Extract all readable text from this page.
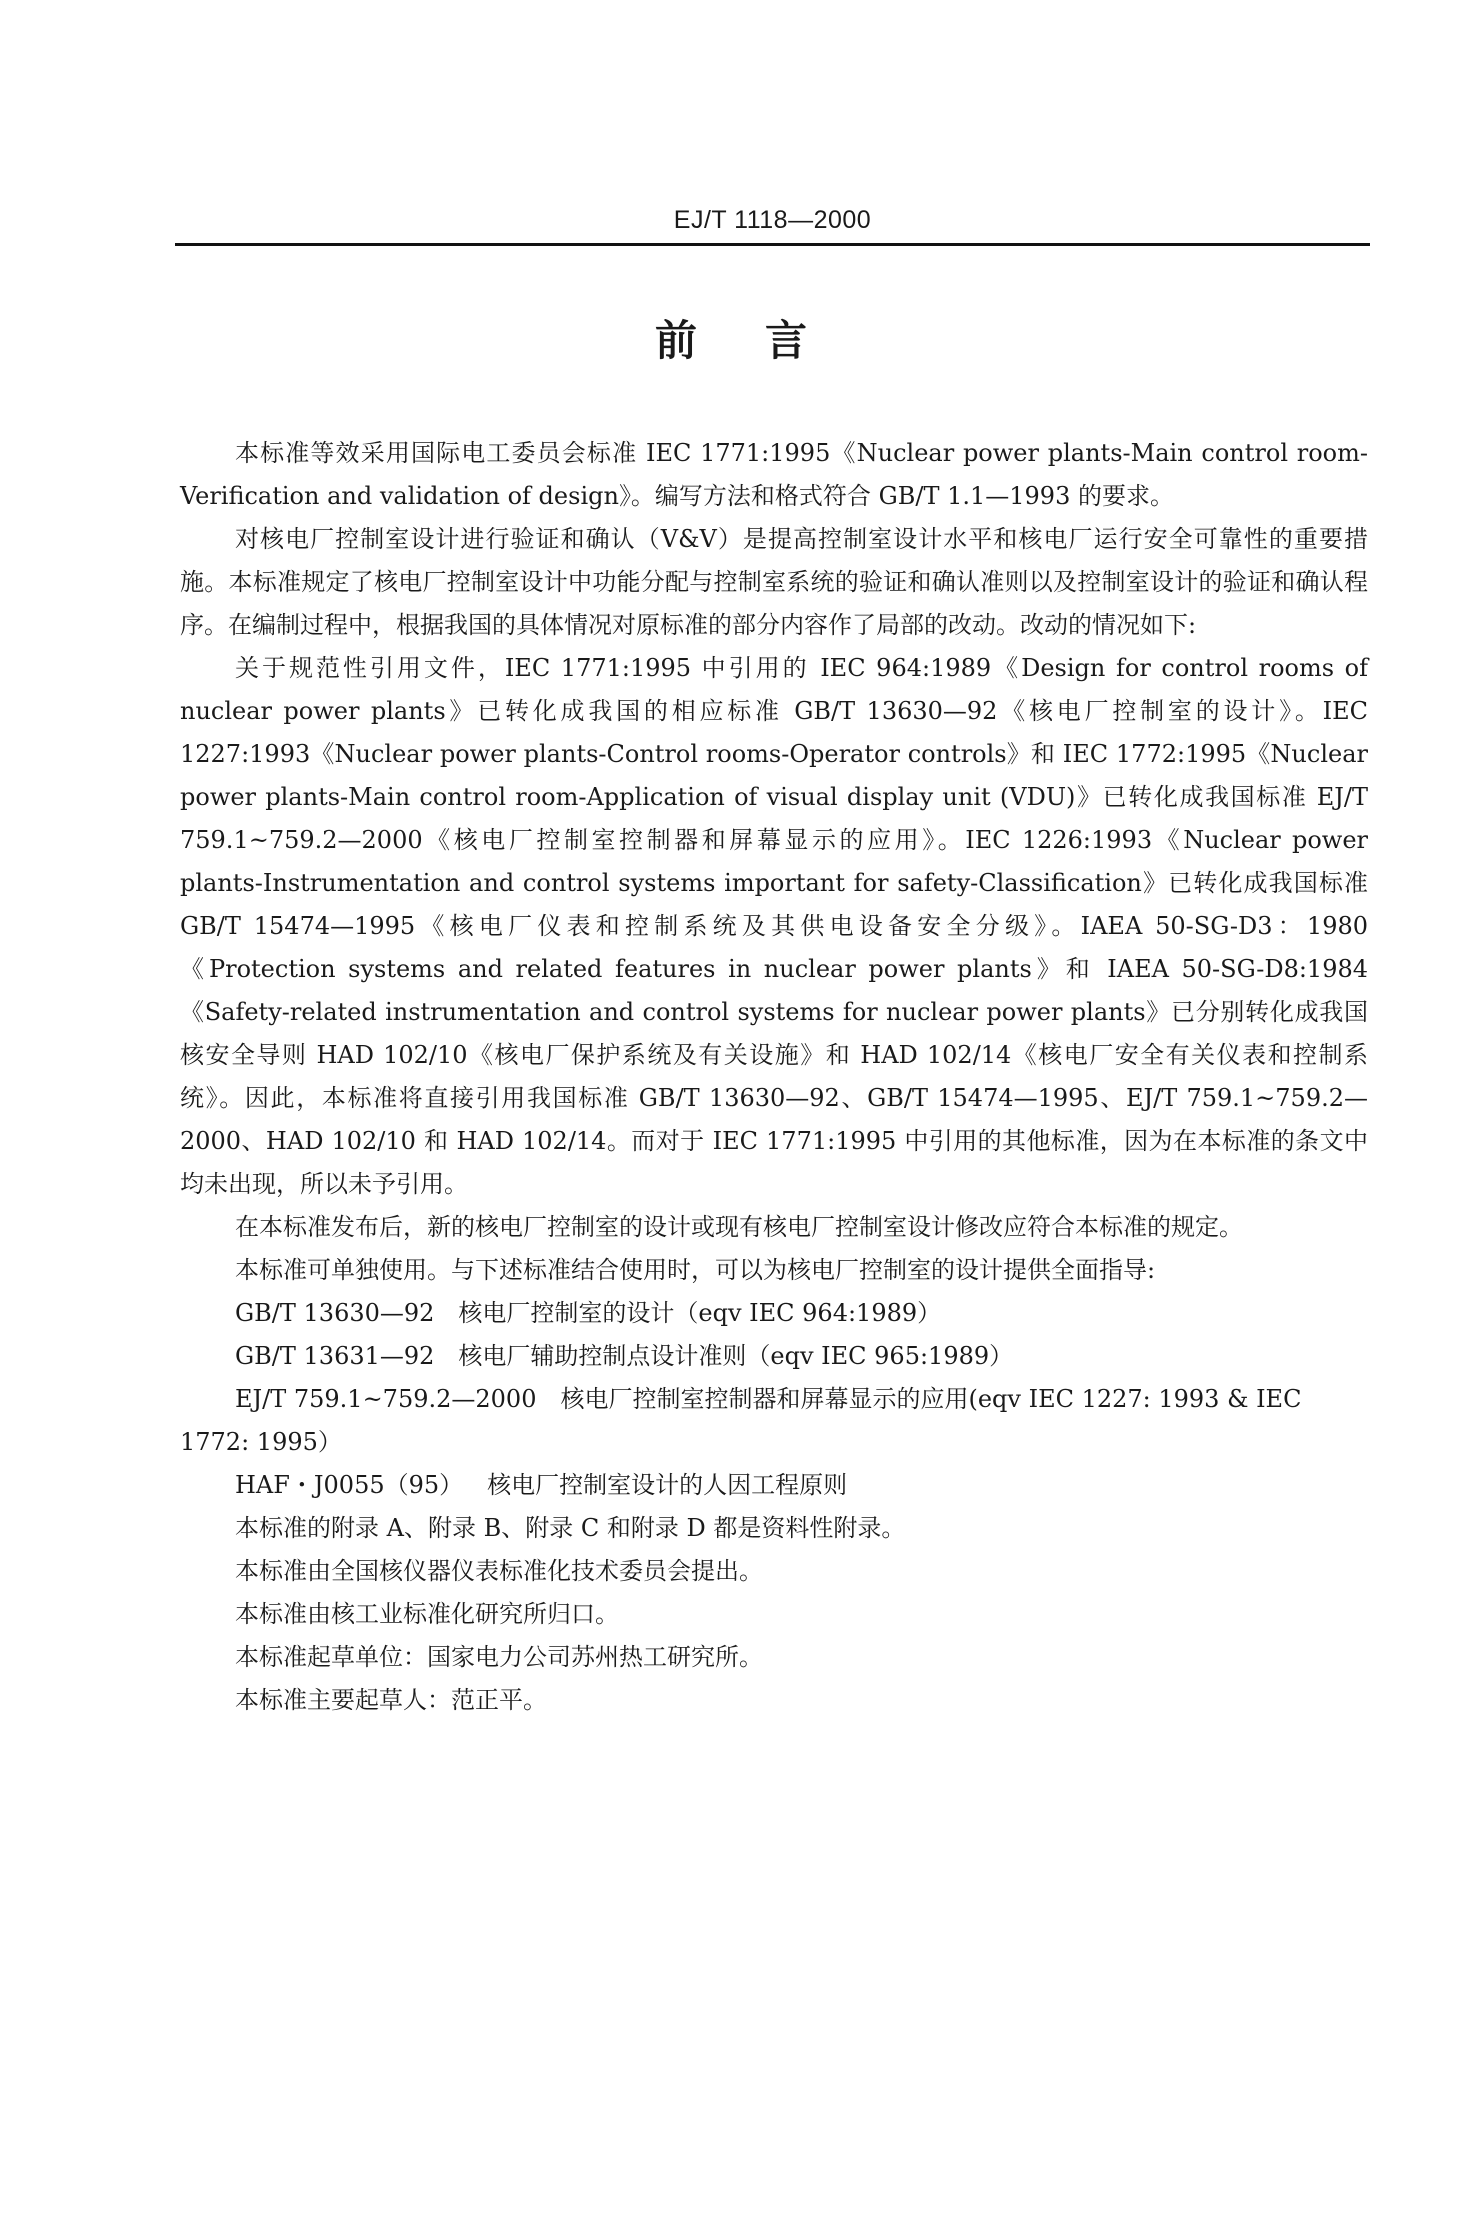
EJ/T 1118—2000
前言

本标准等效采用国际电工委员会标准 IEC 1771:1995《Nuclear power plants-Main control room-Verification and validation of design》。编写方法和格式符合 GB/T 1.1—1993 的要求。

对核电厂控制室设计进行验证和确认（V&V）是提高控制室设计水平和核电厂运行安全可靠性的重要措施。本标准规定了核电厂控制室设计中功能分配与控制室系统的验证和确认准则以及控制室设计的验证和确认程序。在编制过程中，根据我国的具体情况对原标准的部分内容作了局部的改动。改动的情况如下:

关于规范性引用文件，IEC 1771:1995 中引用的 IEC 964:1989《Design for control rooms of nuclear power plants》已转化成我国的相应标准 GB/T 13630—92《核电厂控制室的设计》。IEC 1227:1993《Nuclear power plants-Control rooms-Operator controls》和 IEC 1772:1995《Nuclear power plants-Main control room-Application of visual display unit (VDU)》已转化成我国标准 EJ/T 759.1~759.2—2000《核电厂控制室控制器和屏幕显示的应用》。IEC 1226:1993《Nuclear power plants-Instrumentation and control systems important for safety-Classification》已转化成我国标准 GB/T 15474—1995《核电厂仪表和控制系统及其供电设备安全分级》。IAEA 50-SG-D3：1980《Protection systems and related features in nuclear power plants》和 IAEA 50-SG-D8:1984《Safety-related instrumentation and control systems for nuclear power plants》已分别转化成我国核安全导则 HAD 102/10《核电厂保护系统及有关设施》和 HAD 102/14《核电厂安全有关仪表和控制系统》。因此，本标准将直接引用我国标准 GB/T 13630—92、GB/T 15474—1995、EJ/T 759.1~759.2—2000、HAD 102/10 和 HAD 102/14。而对于 IEC 1771:1995 中引用的其他标准，因为在本标准的条文中均未出现，所以未予引用。

在本标准发布后，新的核电厂控制室的设计或现有核电厂控制室设计修改应符合本标准的规定。

本标准可单独使用。与下述标准结合使用时，可以为核电厂控制室的设计提供全面指导:

GB/T 13630—92 核电厂控制室的设计（eqv IEC 964:1989）

GB/T 13631—92 核电厂辅助控制点设计准则（eqv IEC 965:1989）

EJ/T 759.1~759.2—2000 核电厂控制室控制器和屏幕显示的应用(eqv IEC 1227: 1993 & IEC 1772: 1995）

HAF・J0055（95） 核电厂控制室设计的人因工程原则

本标准的附录 A、附录 B、附录 C 和附录 D 都是资料性附录。

本标准由全国核仪器仪表标准化技术委员会提出。

本标准由核工业标准化研究所归口。

本标准起草单位：国家电力公司苏州热工研究所。

本标准主要起草人：范正平。
